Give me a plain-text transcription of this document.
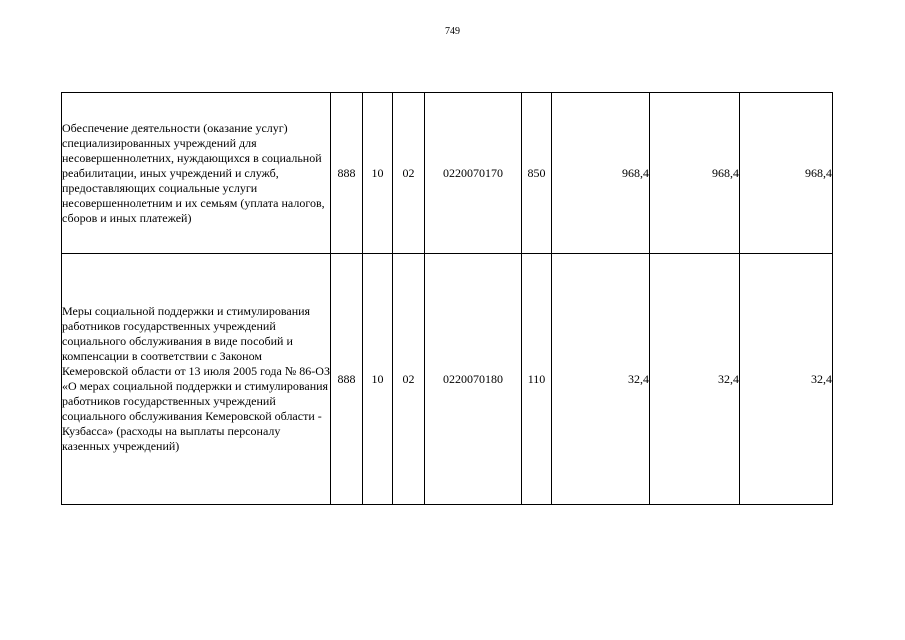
749
Обеспечение деятельности (оказание услуг) специализированных учреждений для несовершеннолетних, нуждающихся в социальной реабилитации, иных учреждений и служб, предоставляющих социальные услуги несовершеннолетним и их семьям (уплата налогов, сборов и иных платежей)	888	10	02	0220070170	850	968,4	968,4	968,4
Меры социальной поддержки и стимулирования работников государственных учреждений социального обслуживания в виде пособий и компенсации в соответствии с Законом Кемеровской области от 13 июля 2005 года № 86-ОЗ «О мерах социальной поддержки и стимулирования работников государственных учреждений социального обслуживания Кемеровской области - Кузбасса» (расходы на выплаты персоналу казенных учреждений)	888	10	02	0220070180	110	32,4	32,4	32,4
